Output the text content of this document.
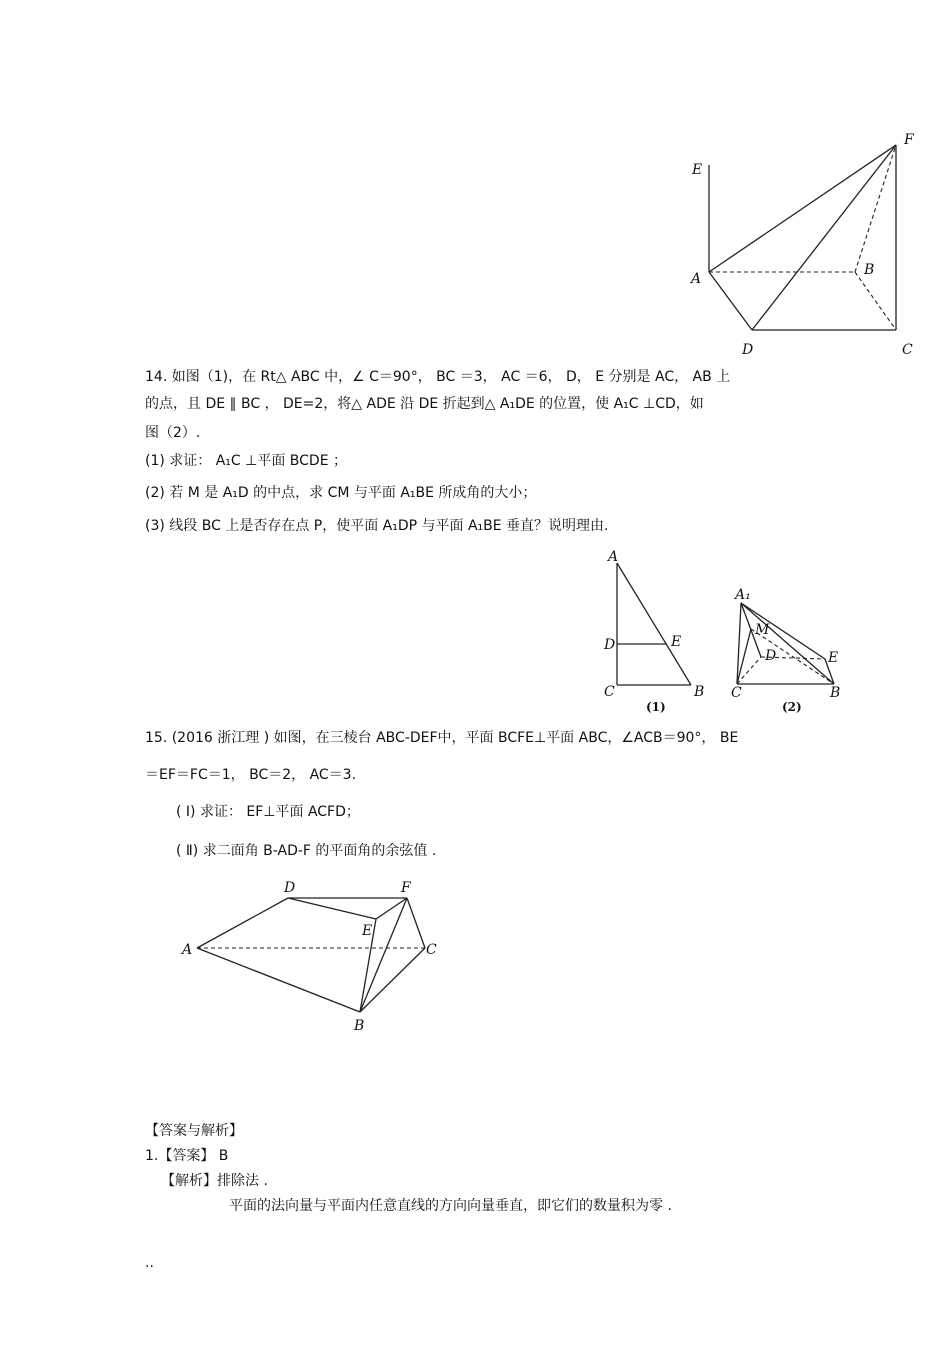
E
F
A
B
D	C
14. 如图（1)，在 Rt△ ABC 中，∠ C＝90°， BC ＝3， AC ＝6， D， E 分别是 AC， AB 上
的点，且 DE ∥ BC ， DE=2，将△ ADE 沿 DE 折起到△ A₁DE 的位置，使 A₁C ⊥CD，如
图（2）.
(1) 求证： A₁C ⊥平面 BCDE ；
(2) 若 M 是 A₁D 的中点，求 CM 与平面 A₁BE 所成角的大小；
(3) 线段 BC 上是否存在点 P，使平面 A₁DP 与平面 A₁BE 垂直？说明理由.
A
D	E
C	B
(1)
A₁
M
D	E
C	B
(2)
15. (2016 浙江理 ) 如图，在三棱台 ABC-DEF中，平面 BCFE⊥平面 ABC，∠ACB＝90°， BE
＝EF＝FC＝1， BC＝2， AC＝3.
( Ⅰ) 求证： EF⊥平面 ACFD；
( Ⅱ) 求二面角 B-AD-F 的平面角的余弦值 .
D	F
E
A	C
B
【答案与解析】
1.【答案】 B
【解析】排除法 .
平面的法向量与平面内任意直线的方向向量垂直，即它们的数量积为零 .
..
